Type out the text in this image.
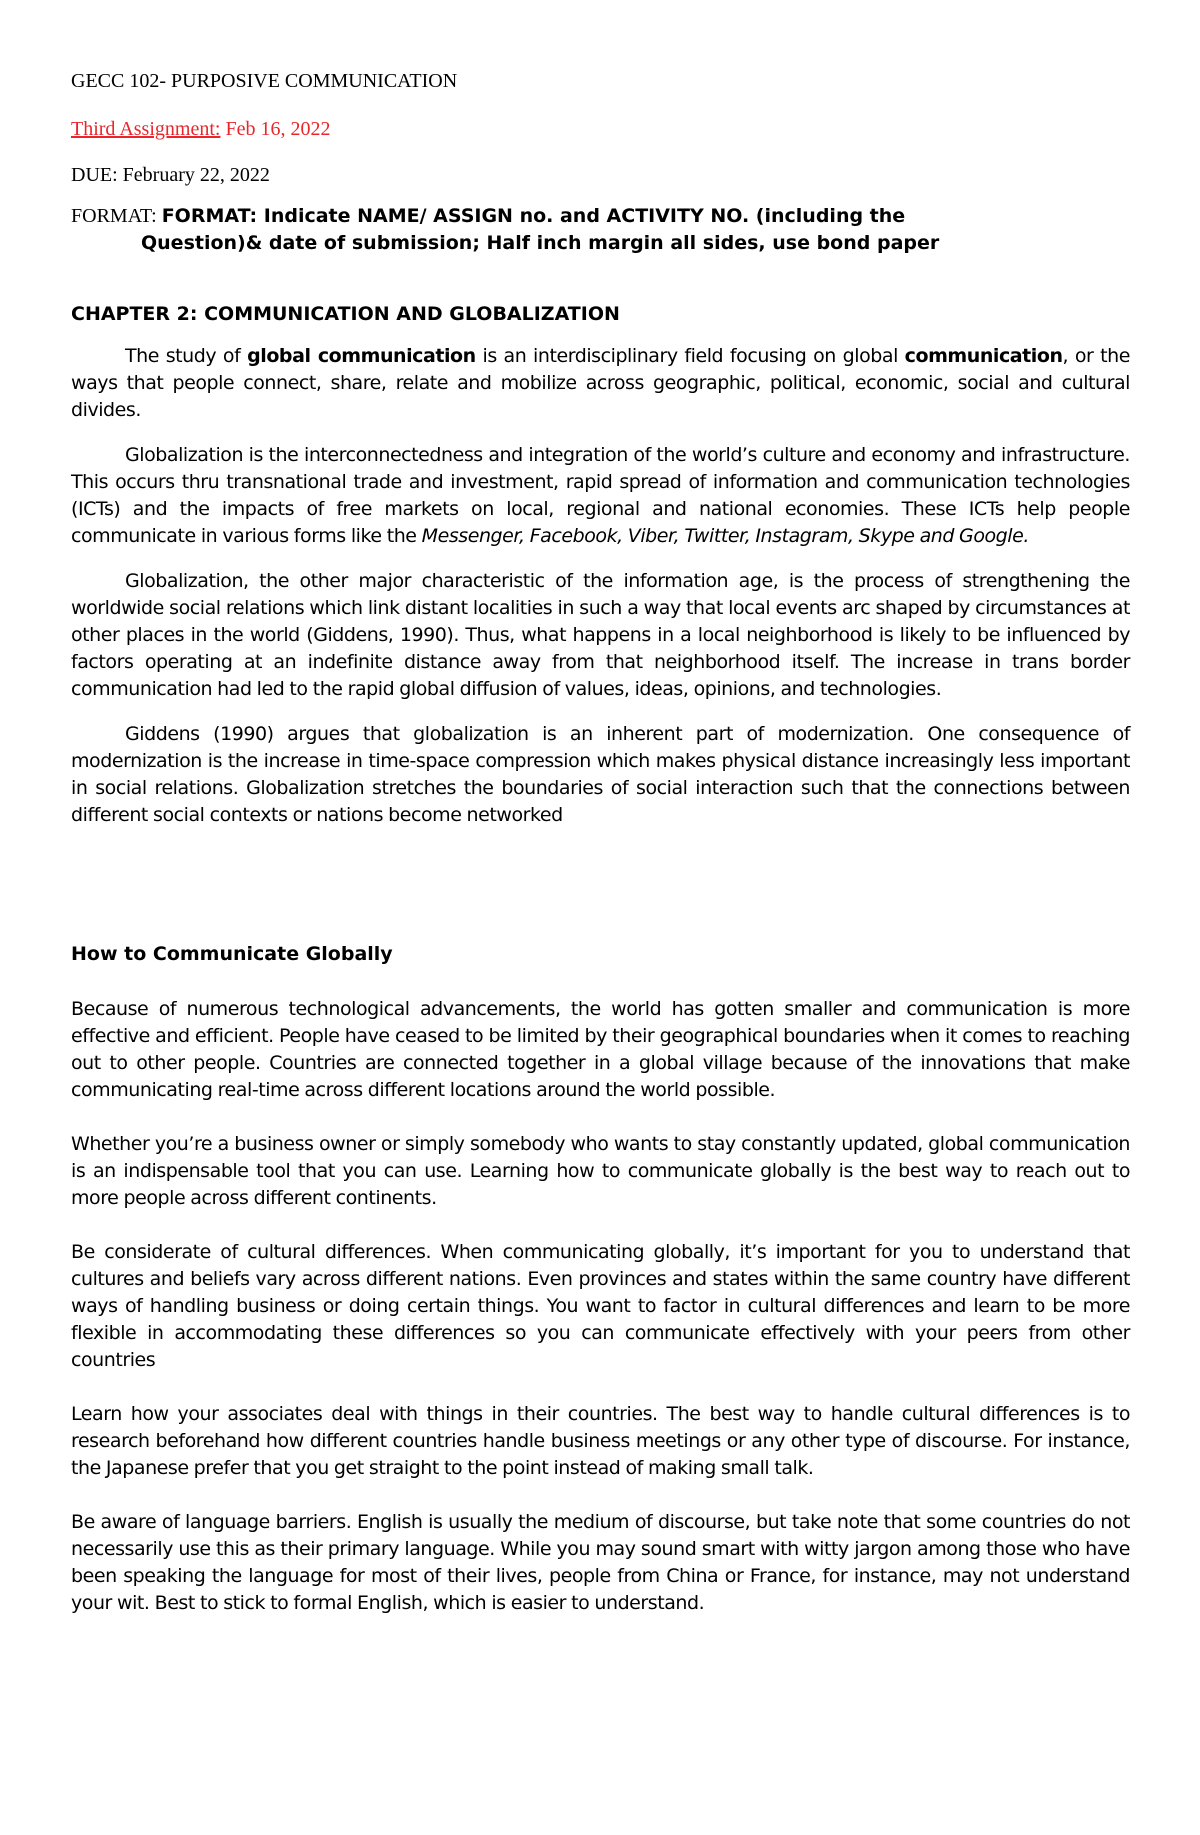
GECC 102- PURPOSIVE COMMUNICATION

Third Assignment: Feb 16, 2022

DUE: February 22, 2022

FORMAT: FORMAT: Indicate NAME/ ASSIGN no. and ACTIVITY NO. (including the

Question)& date of submission; Half inch margin all sides, use bond paper

CHAPTER 2: COMMUNICATION AND GLOBALIZATION

The study of global communication is an interdisciplinary field focusing on global communication, or the ways that people connect, share, relate and mobilize across geographic, political, economic, social and cultural divides.

Globalization is the interconnectedness and integration of the world’s culture and economy and infrastructure. This occurs thru transnational trade and investment, rapid spread of information and communication technologies (ICTs) and the impacts of free markets on local, regional and national economies. These ICTs help people communicate in various forms like the Messenger, Facebook, Viber, Twitter, Instagram, Skype and Google.

Globalization, the other major characteristic of the information age, is the process of strengthening the worldwide social relations which link distant localities in such a way that local events arc shaped by circumstances at other places in the world (Giddens, 1990). Thus, what happens in a local neighborhood is likely to be influenced by factors operating at an indefinite distance away from that neighborhood itself. The increase in trans border communication had led to the rapid global diffusion of values, ideas, opinions, and technologies.

Giddens (1990) argues that globalization is an inherent part of modernization. One consequence of modernization is the increase in time-space compression which makes physical distance increasingly less important in social relations. Globalization stretches the boundaries of social interaction such that the connections between different social contexts or nations become networked

How to Communicate Globally

Because of numerous technological advancements, the world has gotten smaller and communication is more effective and efficient. People have ceased to be limited by their geographical boundaries when it comes to reaching out to other people. Countries are connected together in a global village because of the innovations that make communicating real-time across different locations around the world possible.

Whether you’re a business owner or simply somebody who wants to stay constantly updated, global communication is an indispensable tool that you can use. Learning how to communicate globally is the best way to reach out to more people across different continents.

Be considerate of cultural differences. When communicating globally, it’s important for you to understand that cultures and beliefs vary across different nations. Even provinces and states within the same country have different ways of handling business or doing certain things. You want to factor in cultural differences and learn to be more flexible in accommodating these differences so you can communicate effectively with your peers from other countries

Learn how your associates deal with things in their countries. The best way to handle cultural differences is to research beforehand how different countries handle business meetings or any other type of discourse. For instance, the Japanese prefer that you get straight to the point instead of making small talk.

Be aware of language barriers. English is usually the medium of discourse, but take note that some countries do not necessarily use this as their primary language. While you may sound smart with witty jargon among those who have been speaking the language for most of their lives, people from China or France, for instance, may not understand your wit. Best to stick to formal English, which is easier to understand.
